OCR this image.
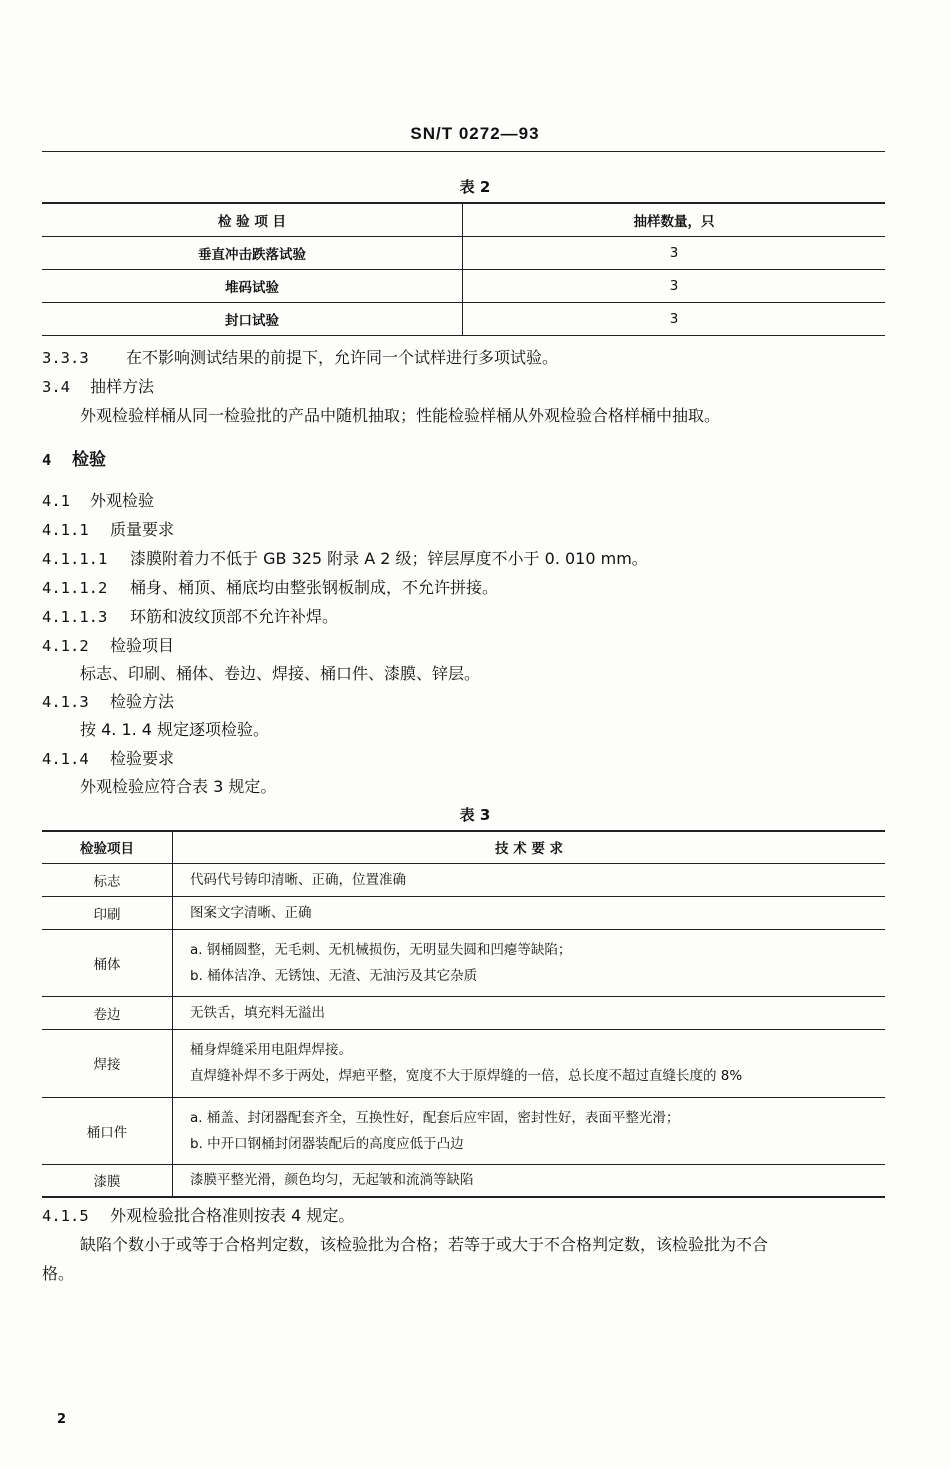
SN/T 0272—93
表 2
检 验 项 目	抽样数量，只
垂直冲击跌落试验	3
堆码试验	3
封口试验	3
3.3.3 在不影响测试结果的前提下，允许同一个试样进行多项试验。
3.4 抽样方法
外观检验样桶从同一检验批的产品中随机抽取；性能检验样桶从外观检验合格样桶中抽取。
4 检验
4.1 外观检验
4.1.1 质量要求
4.1.1.1 漆膜附着力不低于 GB 325 附录 A 2 级；锌层厚度不小于 0. 010 mm。
4.1.1.2 桶身、桶顶、桶底均由整张钢板制成，不允许拼接。
4.1.1.3 环筋和波纹顶部不允许补焊。
4.1.2 检验项目
标志、印刷、桶体、卷边、焊接、桶口件、漆膜、锌层。
4.1.3 检验方法
按 4. 1. 4 规定逐项检验。
4.1.4 检验要求
外观检验应符合表 3 规定。
表 3
检验项目	技 术 要 求
标志	代码代号铸印清晰、正确，位置准确
印刷	图案文字清晰、正确
桶体	a. 钢桶圆整，无毛刺、无机械损伤，无明显失圆和凹瘪等缺陷；
b. 桶体洁净、无锈蚀、无渣、无油污及其它杂质

卷边	无铁舌，填充料无溢出
焊接	桶身焊缝采用电阻焊焊接。
直焊缝补焊不多于两处，焊疤平整，宽度不大于原焊缝的一倍，总长度不超过直缝长度的 8%

桶口件	a. 桶盖、封闭器配套齐全，互换性好，配套后应牢固，密封性好，表面平整光滑；
b. 中开口钢桶封闭器装配后的高度应低于凸边

漆膜	漆膜平整光滑，颜色均匀，无起皱和流淌等缺陷
4.1.5 外观检验批合格准则按表 4 规定。
缺陷个数小于或等于合格判定数，该检验批为合格；若等于或大于不合格判定数，该检验批为不合
格。
2
